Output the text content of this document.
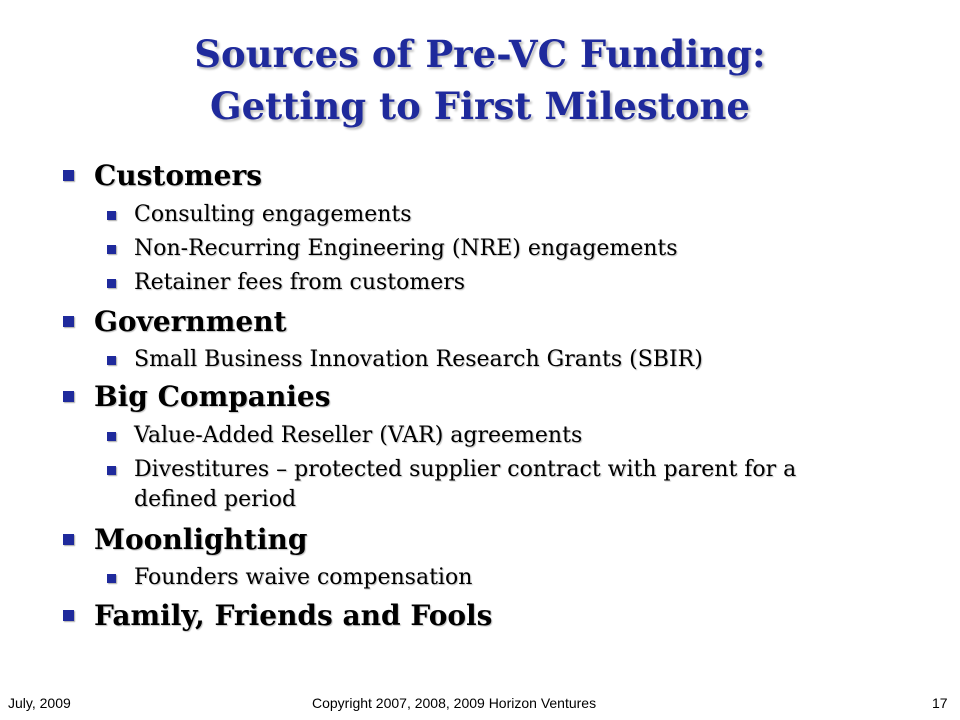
Sources of Pre-VC Funding:
Getting to First Milestone
Customers
Consulting engagements
Non-Recurring Engineering (NRE) engagements
Retainer fees from customers
Government
Small Business Innovation Research Grants (SBIR)
Big Companies
Value-Added Reseller (VAR) agreements
Divestitures – protected supplier contract with parent for a
defined period
Moonlighting
Founders waive compensation
Family, Friends and Fools
July, 2009	Copyright 2007, 2008, 2009 Horizon Ventures	17
